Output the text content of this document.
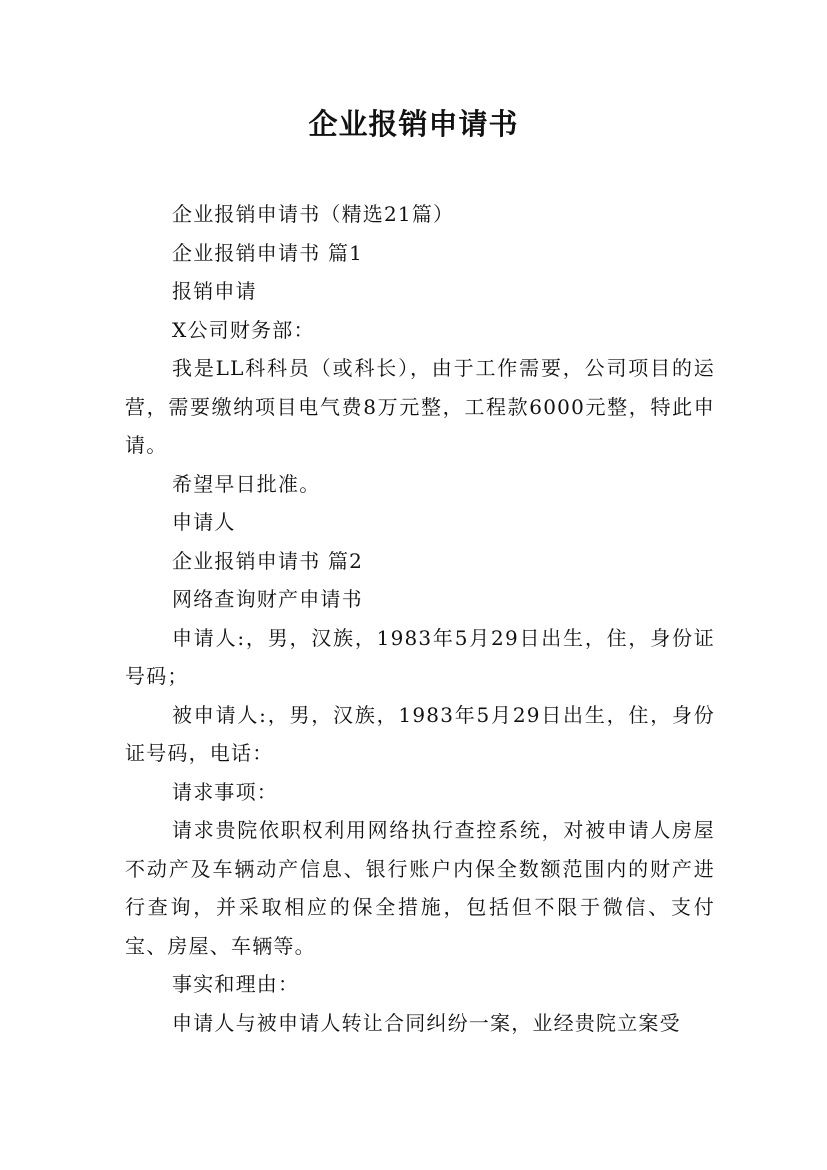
企业报销申请书

企业报销申请书（精选21篇）

企业报销申请书 篇1

报销申请

X公司财务部：

我是LL科科员（或科长），由于工作需要，公司项目的运营，需要缴纳项目电气费8万元整，工程款6000元整，特此申请。

希望早日批准。

申请人

企业报销申请书 篇2

网络查询财产申请书

申请人:，男，汉族，1983年5月29日出生，住，身份证号码；

被申请人:，男，汉族，1983年5月29日出生，住，身份证号码，电话：

请求事项：

请求贵院依职权利用网络执行查控系统，对被申请人房屋不动产及车辆动产信息、银行账户内保全数额范围内的财产进行查询，并采取相应的保全措施，包括但不限于微信、支付宝、房屋、车辆等。

事实和理由：

申请人与被申请人转让合同纠纷一案，业经贵院立案受
